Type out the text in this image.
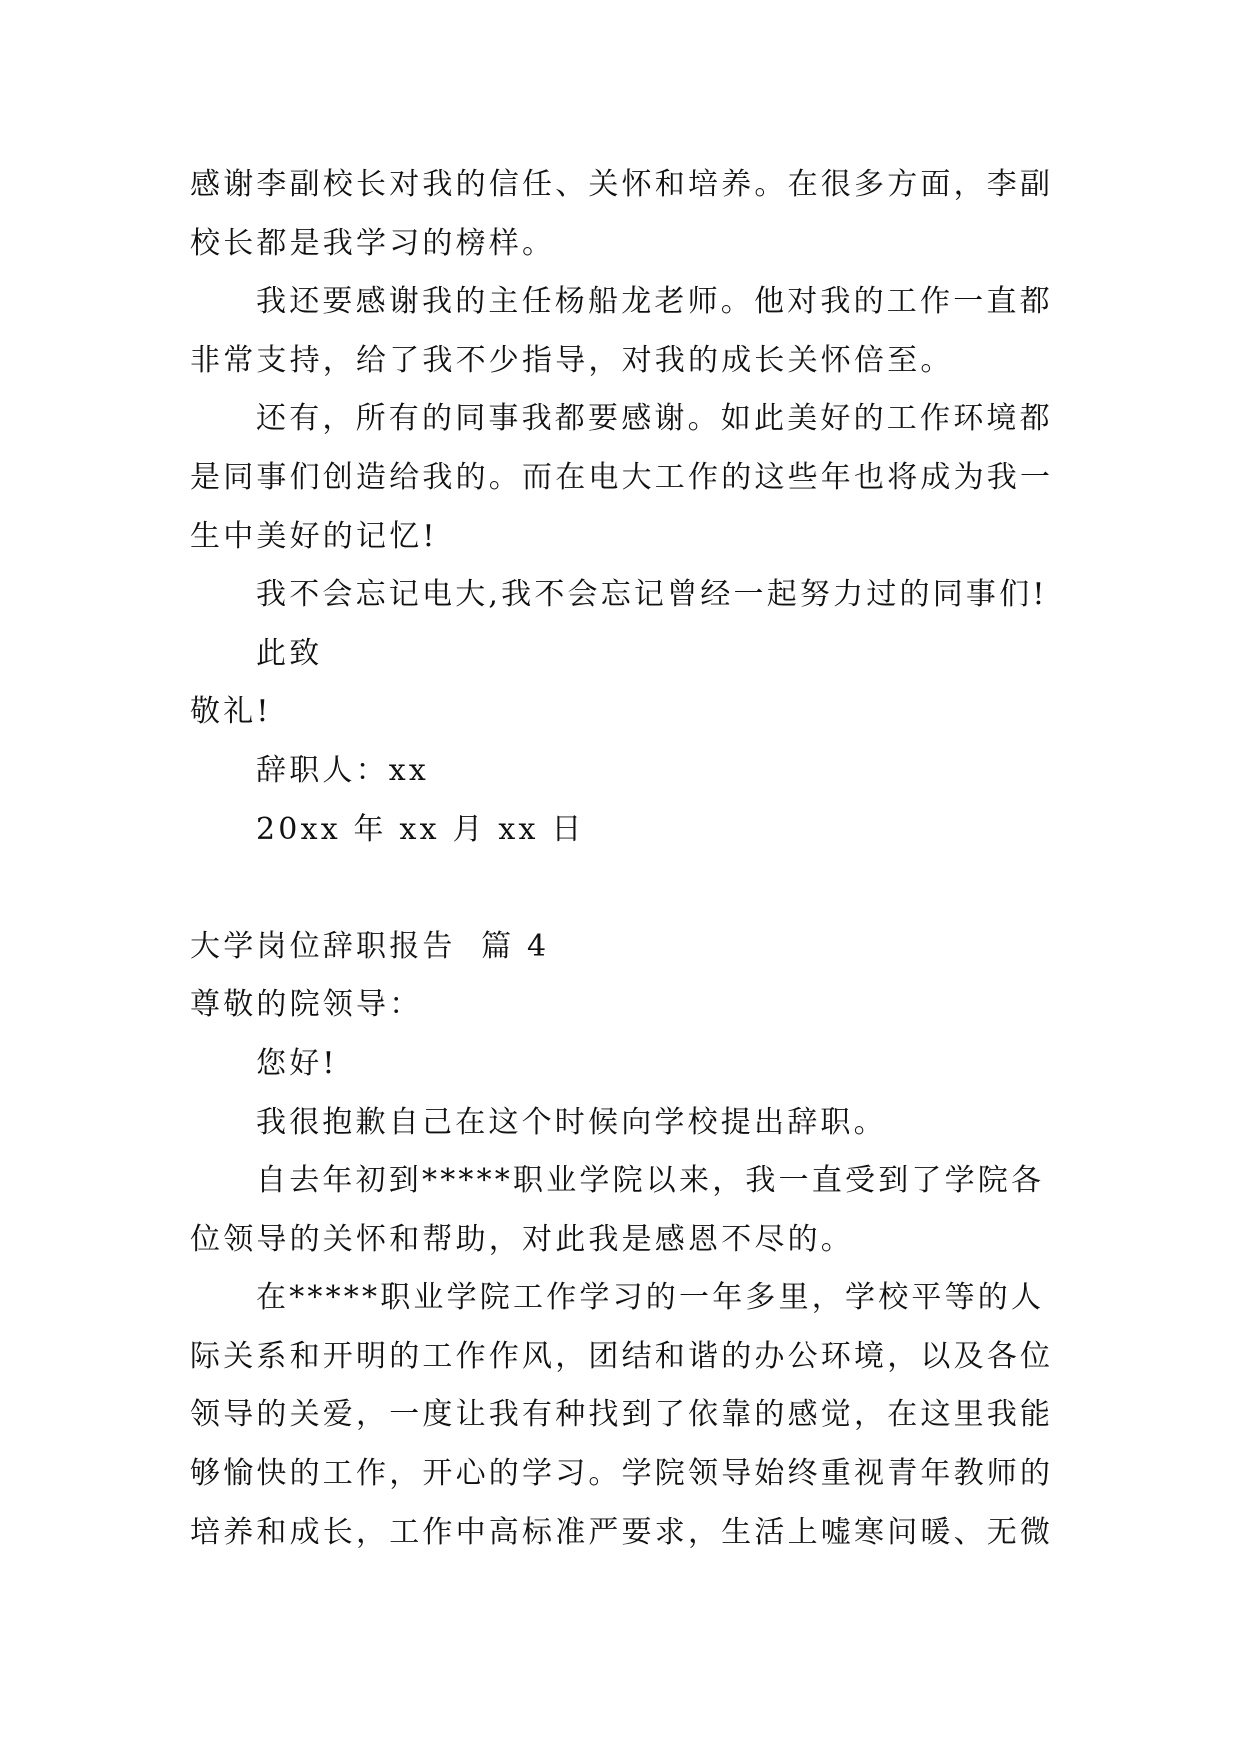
感谢李副校长对我的信任、关怀和培养。在很多方面，李副
校长都是我学习的榜样。
我还要感谢我的主任杨船龙老师。他对我的工作一直都
非常支持，给了我不少指导，对我的成长关怀倍至。
还有，所有的同事我都要感谢。如此美好的工作环境都
是同事们创造给我的。而在电大工作的这些年也将成为我一
生中美好的记忆!
我不会忘记电大,我不会忘记曾经一起努力过的同事们!
此致
敬礼!
辞职人：xx
20xx 年 xx 月 xx 日
大学岗位辞职报告  篇 4
尊敬的院领导：
您好!
我很抱歉自己在这个时候向学校提出辞职。
自去年初到*****职业学院以来，我一直受到了学院各
位领导的关怀和帮助，对此我是感恩不尽的。
在*****职业学院工作学习的一年多里，学校平等的人
际关系和开明的工作作风，团结和谐的办公环境，以及各位
领导的关爱，一度让我有种找到了依靠的感觉，在这里我能
够愉快的工作，开心的学习。学院领导始终重视青年教师的
培养和成长，工作中高标准严要求，生活上嘘寒问暖、无微
